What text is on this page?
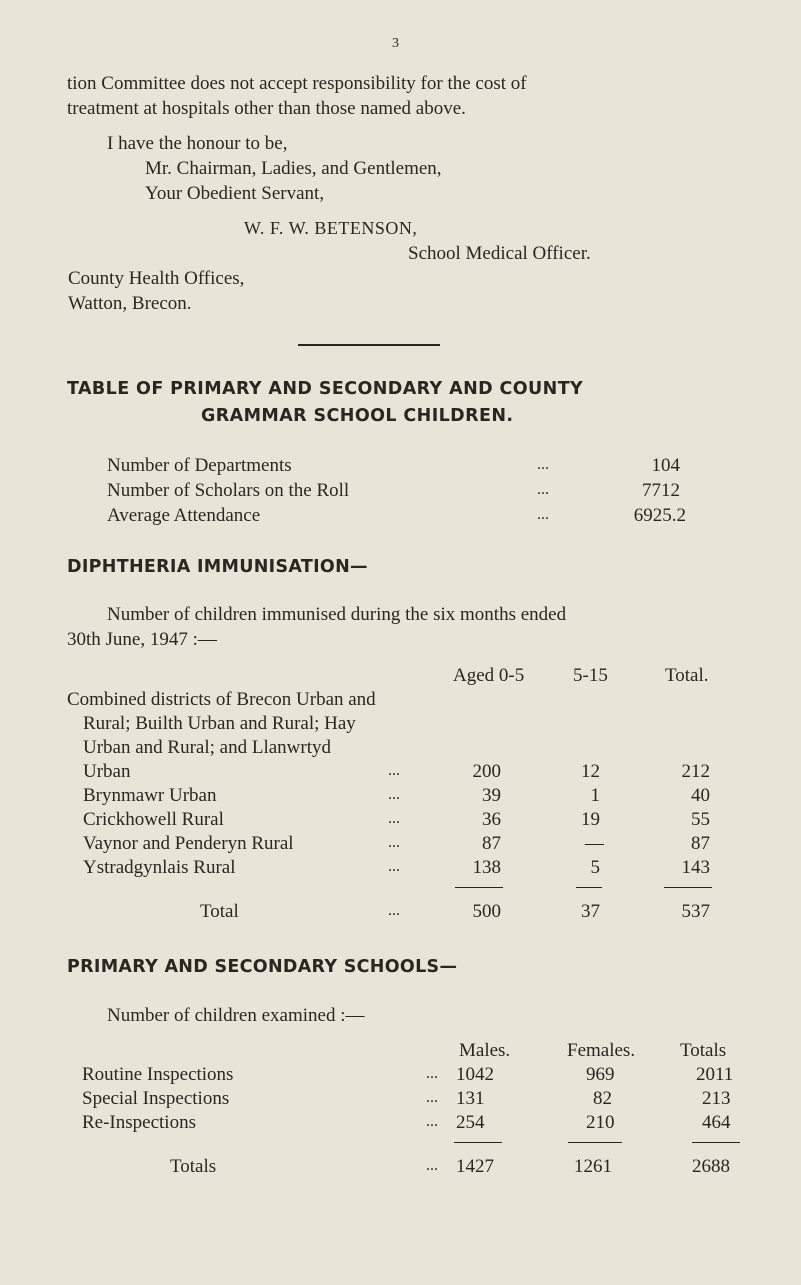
3
tion Committee does not accept responsibility for the cost of
treatment at hospitals other than those named above.
I have the honour to be,
Mr. Chairman, Ladies, and Gentlemen,
Your Obedient Servant,
W. F. W. BETENSON,
School Medical Officer.
County Health Offices,
Watton, Brecon.
TABLE OF PRIMARY AND SECONDARY AND COUNTY
GRAMMAR SCHOOL CHILDREN.
Number of Departments	...	104
Number of Scholars on the Roll	...	7712
Average Attendance	...	6925.2
DIPHTHERIA IMMUNISATION—
Number of children immunised during the six months ended
30th June, 1947 :—
Aged 0-5	5-15	Total.
Combined districts of Brecon Urban and
Rural; Builth Urban and Rural; Hay
Urban and Rural; and Llanwrtyd
Urban	...	200	12	212
Brynmawr Urban	...	39	1	40
Crickhowell Rural	...	36	19	55
Vaynor and Penderyn Rural	...	87	—	87
Ystradgynlais Rural	...	138	5	143
Total	...	500	37	537
PRIMARY AND SECONDARY SCHOOLS—
Number of children examined :—
Males.	Females. Totals
Routine Inspections	... 1042	969	2011
Special Inspections	... 131	82	213
Re-Inspections	... 254	210	464
Totals	... 1427	1261	2688
